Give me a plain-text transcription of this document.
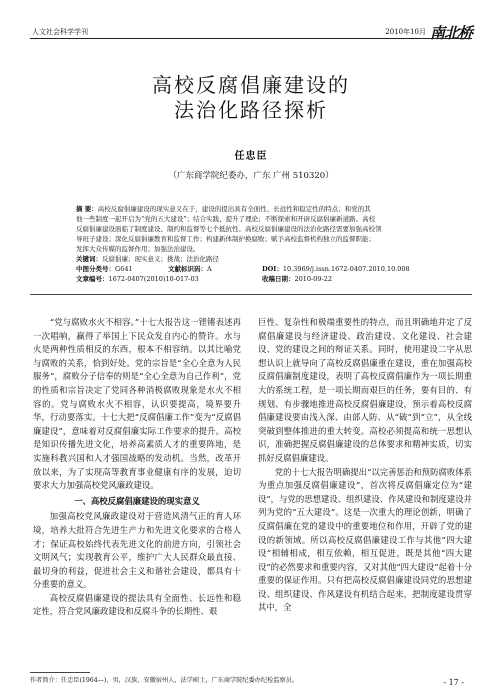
人文社会科学学刊	2010年10月 南北桥
高校反腐倡廉建设的
法治化路径探析
任忠臣
（广东商学院纪委办，广东 广州 510320）
摘 要：高校反腐倡廉建设的现实意义在于，建设的提出具有全面性、长远性和稳定性的特点；和党的其
他一些制度一起开启为“党的五大建设”；结合实践，提升了理论；不断探索和开辟反腐倡廉新道路。高校
反腐倡廉建设面临了制度建设、制约和监督等七个抵抗性。高校反腐倡廉建设的法治化路径需要加强高校领
导班子建设；深化反腐倡廉教育和监督工作；构建新体制护换腐败；赋予高校监督机构独立的监督职能；
发挥大众传媒的监督作用；加强法治建设。
关键词：反腐倡廉；现实意义；挑战；法治化路径
中图分类号：G641	文献标识码：A	DOI：10.3969/j.issn.1672-0407.2010.10.008
文章编号：1672-0407(2010)10-017-03	收稿日期：2010-09-22

“党与腐败水火不相容。”十七大报告这一铿锵表述再一次唱响，赢得了举国上下民众发自内心的赞许。水与火是两种性质相反的东西，根本不相容纳。以其比喻党与腐败的关系，恰到好处。党的宗旨是“全心全意为人民服务”，腐败分子信奉的则是“全心全意为自己作利”，党的性质和宗旨决定了党同各种消极腐败现象是水火不相容的。党与腐败水火不相容，认识要提高，境界要升华，行动要落实。十七大把“反腐倡廉工作”变为“反腐倡廉建设”，意味着对反腐倡廉实际工作要求的提升。高校是知识传播先进文化，培养高素质人才的重要阵地，是实施科教兴国和人才强国战略的发动机。当然，改革开放以来，为了实现高等教育事业健康有序的发展，迫切要求大力加强高校党风廉政建设。

一、高校反腐倡廉建设的现实意义

加强高校党风廉政建设对于营造风清气正的育人环境，培养大批符合先进生产力和先进文化要求的合格人才；保证高校始终代表先进文化的前进方向，引领社会文明风气；实现教育公平，维护广大人民群众最直接、最切身的利益，促进社会主义和谐社会建设，都具有十分重要的意义。

高校反腐倡廉建设的提法具有全面性、长远性和稳定性，符合党风廉政建设和反腐斗争的长期性、艰

巨性、复杂性和极端重要性的特点，而且明确地并定了反腐倡廉建设与经济建设、政治建设、文化建设、社会建设、党的建设之间的辩证关系。同时，使用建设二字从思想认识上就导向了高校反腐倡廉重在建设，重在加强高校反腐倡廉制度建设，表明了高校反腐倡廉作为一项长期重大的系统工程，是一项长期而艰巨的任务，要有目的、有规划、有步骤地推进高校反腐倡廉建设，预示着高校反腐倡廉建设要由浅入深、由部人防、从“破”到“立”，从全线突破到整体推进的重大转变。高校必须提高和统一思想认识，准确把握反腐倡廉建设的总体要求和精神实质，切实抓好反腐倡廉建设。

党的十七大报告明确提出“以完善惩治和预防腐败体系为重点加强反腐倡廉建设”，首次将反腐倡廉定位为“建设”，与党的思想建设、组织建设、作风建设和制度建设并列为党的“五大建设”。这是一次重大的理论创新，明确了反腐倡廉在党的建设中的重要地位和作用，开辟了党的建设的新领域。所以高校反腐倡廉建设工作与其他“四大建设”相辅相成，相互依赖，相互促进，既是其他“四大建设”的必然要求和重要内容，又对其他“四大建设”起着十分重要的保证作用。只有把高校反腐倡廉建设同党的思想建设、组织建设、作风建设有机结合起来，把制度建设贯穿其中，全

作者简介：任忠臣(1964—)，男，汉族，安徽宿州人，法学硕士，广东商学院纪委办纪检监察员。	- 17 -
